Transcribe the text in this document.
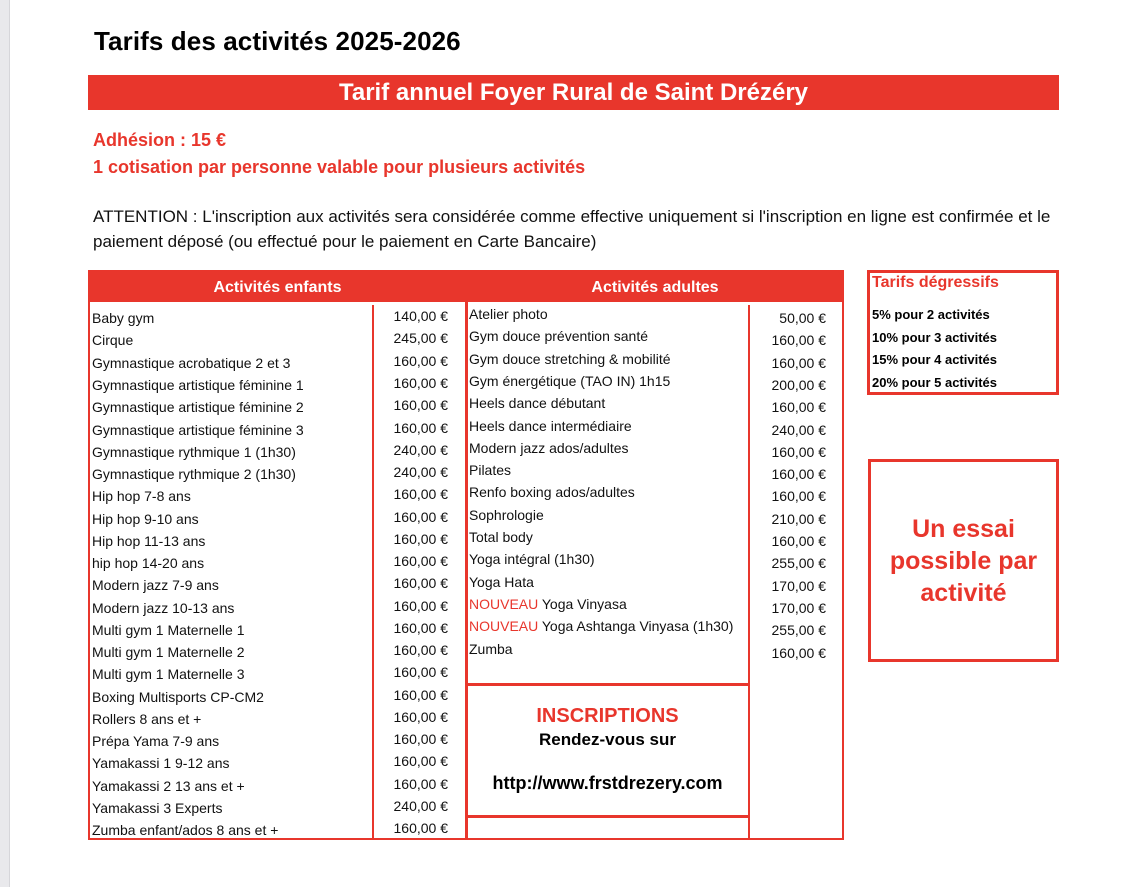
Tarifs des activités 2025-2026
Tarif annuel Foyer Rural de Saint Drézéry
Adhésion : 15 €
1 cotisation par personne valable pour plusieurs activités
ATTENTION : L'inscription aux activités sera considérée comme effective uniquement si l'inscription en ligne est confirmée et le paiement déposé (ou effectué pour le paiement en Carte Bancaire)
Activités enfants
Baby gym	140,00 €
Cirque	245,00 €
Gymnastique acrobatique 2 et 3	160,00 €
Gymnastique artistique féminine 1	160,00 €
Gymnastique artistique féminine 2	160,00 €
Gymnastique artistique féminine 3	160,00 €
Gymnastique rythmique 1 (1h30)	240,00 €
Gymnastique rythmique 2 (1h30)	240,00 €
Hip hop 7-8 ans	160,00 €
Hip hop 9-10 ans	160,00 €
Hip hop 11-13 ans	160,00 €
hip hop 14-20 ans	160,00 €
Modern jazz 7-9 ans	160,00 €
Modern jazz 10-13 ans	160,00 €
Multi gym 1 Maternelle 1	160,00 €
Multi gym 1 Maternelle 2	160,00 €
Multi gym 1 Maternelle 3	160,00 €
Boxing Multisports CP-CM2	160,00 €
Rollers 8 ans et +	160,00 €
Prépa Yama 7-9 ans	160,00 €
Yamakassi 1 9-12 ans	160,00 €
Yamakassi 2 13 ans et +	160,00 €
Yamakassi 3 Experts	240,00 €
Zumba enfant/ados 8 ans et +	160,00 €
Activités adultes
Atelier photo	50,00 €
Gym douce prévention santé	160,00 €
Gym douce stretching & mobilité	160,00 €
Gym énergétique (TAO IN) 1h15	200,00 €
Heels dance débutant	160,00 €
Heels dance intermédiaire	240,00 €
Modern jazz ados/adultes	160,00 €
Pilates	160,00 €
Renfo boxing ados/adultes	160,00 €
Sophrologie	210,00 €
Total body	160,00 €
Yoga intégral (1h30)	255,00 €
Yoga Hata	170,00 €
NOUVEAU Yoga Vinyasa	170,00 €
NOUVEAU Yoga Ashtanga Vinyasa (1h30)	255,00 €
Zumba	160,00 €
INSCRIPTIONS
Rendez-vous sur
http://www.frstdrezery.com
Tarifs dégressifs
5% pour 2 activités
10% pour 3 activités
15% pour 4 activités
20% pour 5 activités
Un essai possible par activité
